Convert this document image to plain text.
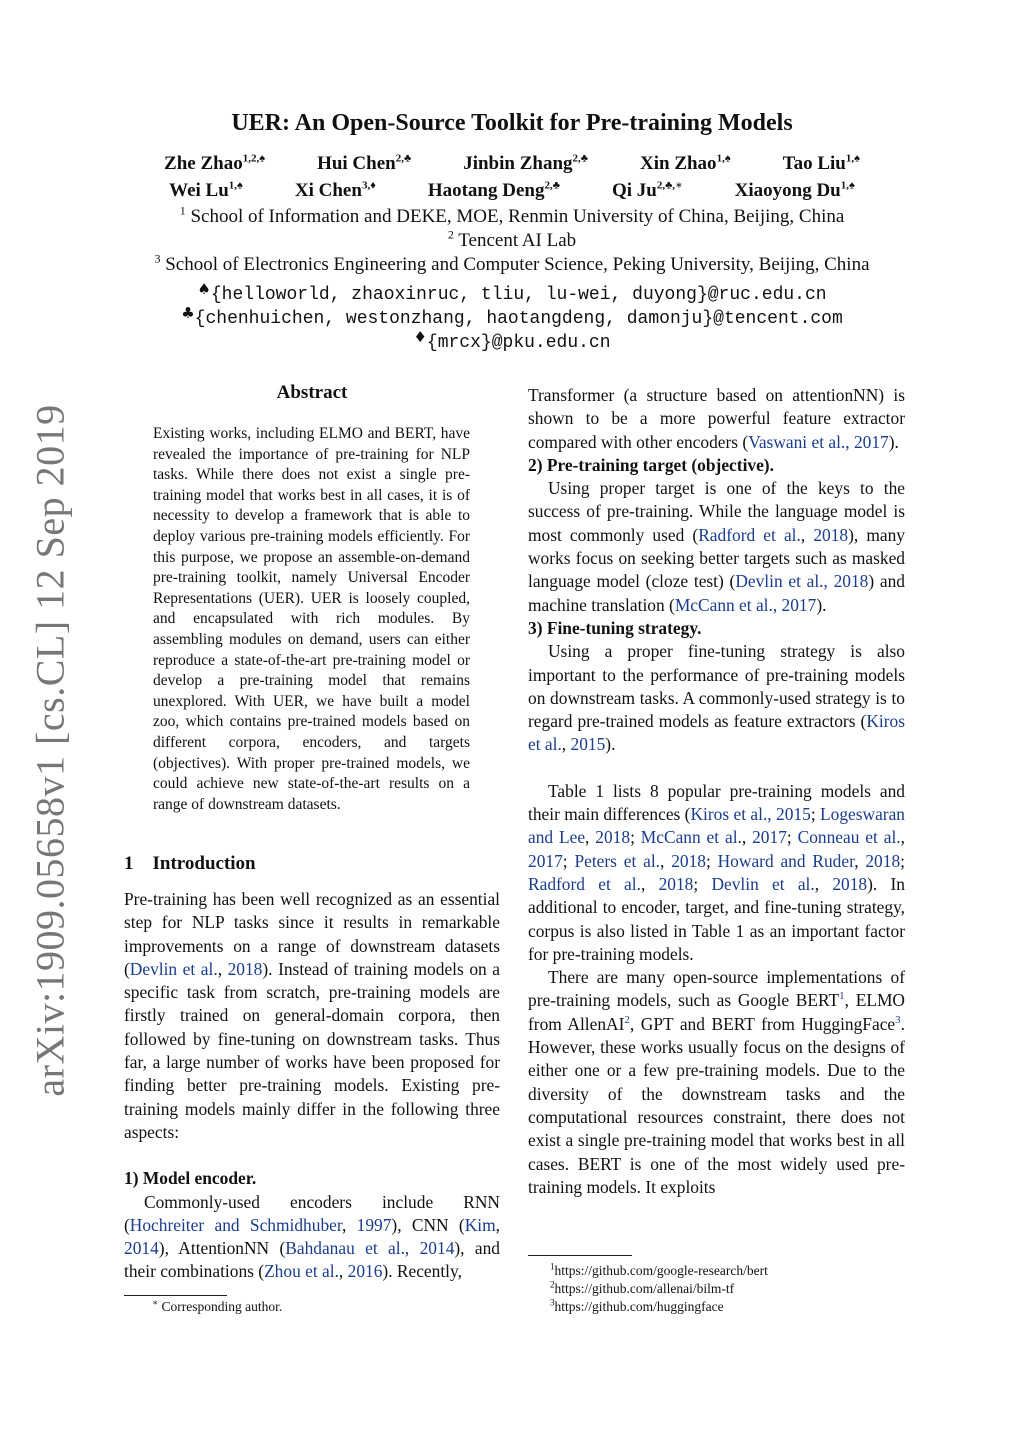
arXiv:1909.05658v1 [cs.CL] 12 Sep 2019
UER: An Open-Source Toolkit for Pre-training Models
Zhe Zhao$^{1,2,♠}$	Hui Chen$^{2,♣}$	Jinbin Zhang$^{2,♣}$	Xin Zhao$^{1,♠}$	Tao Liu$^{1,♠}$
Wei $Lu^{1,♠}$	Xi Chen$^{3,♦}$	Haotang Deng$^{2,♣}$	Qi $Ju^{2,♣,∗}$	Xiaoyong $Du^{1,♠}$
$^1$ School of Information and DEKE, MOE, Renmin University of China, Beijing, China
$^2$ Tencent AI Lab
$^3$ School of Electronics Engineering and Computer Science, Peking University, Beijing, China
♠{helloworld, zhaoxinruc, tliu, lu-wei, duyong}@ruc.edu.cn
♣{chenhuichen, westonzhang, haotangdeng, damonju}@tencent.com
♦{mrcx}@pku.edu.cn
Abstract

Existing works, including ELMO and BERT, have revealed the importance of pre-training for NLP tasks. While there does not exist a single pre-training model that works best in all cases, it is of necessity to develop a framework that is able to deploy various pre-training models efficiently. For this purpose, we propose an assemble-on-demand pre-training toolkit, namely Universal Encoder Representations (UER). UER is loosely coupled, and encapsulated with rich modules. By assembling modules on demand, users can either reproduce a state-of-the-art pre-training model or develop a pre-training model that remains unexplored. With UER, we have built a model zoo, which contains pre-trained models based on different corpora, encoders, and targets (objectives). With proper pre-trained models, we could achieve new state-of-the-art results on a range of downstream datasets.

1 Introduction

Pre-training has been well recognized as an essential step for NLP tasks since it results in remarkable improvements on a range of downstream datasets (Devlin et al., 2018). Instead of training models on a specific task from scratch, pre-training models are firstly trained on general-domain corpora, then followed by fine-tuning on downstream tasks. Thus far, a large number of works have been proposed for finding better pre-training models. Existing pre-training models mainly differ in the following three aspects:

1) Model encoder.

Commonly-used encoders include RNN (Hochreiter and Schmidhuber, 1997), CNN (Kim, 2014), AttentionNN (Bahdanau et al., 2014), and their combinations (Zhou et al., 2016). Recently,

∗ Corresponding author.

Transformer (a structure based on attentionNN) is shown to be a more powerful feature extractor compared with other encoders (Vaswani et al., 2017).

2) Pre-training target (objective).

Using proper target is one of the keys to the success of pre-training. While the language model is most commonly used (Radford et al., 2018), many works focus on seeking better targets such as masked language model (cloze test) (Devlin et al., 2018) and machine translation (McCann et al., 2017).

3) Fine-tuning strategy.

Using a proper fine-tuning strategy is also important to the performance of pre-training models on downstream tasks. A commonly-used strategy is to regard pre-trained models as feature extractors (Kiros et al., 2015).

Table 1 lists 8 popular pre-training models and their main differences (Kiros et al., 2015; Logeswaran and Lee, 2018; McCann et al., 2017; Conneau et al., 2017; Peters et al., 2018; Howard and Ruder, 2018; Radford et al., 2018; Devlin et al., 2018). In additional to encoder, target, and fine-tuning strategy, corpus is also listed in Table 1 as an important factor for pre-training models.

There are many open-source implementations of pre-training models, such as Google BERT$^1$, ELMO from AllenAI$^2$, GPT and BERT from HuggingFace$^3$. However, these works usually focus on the designs of either one or a few pre-training models. Due to the diversity of the downstream tasks and the computational resources constraint, there does not exist a single pre-training model that works best in all cases. BERT is one of the most widely used pre-training models. It exploits

$^1$https://github.com/google-research/bert
$^2$https://github.com/allenai/bilm-tf
$^3$https://github.com/huggingface
